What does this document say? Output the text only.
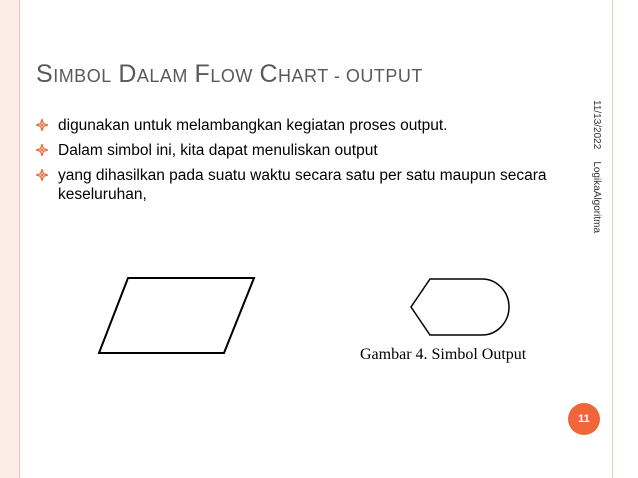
SIMBOL DALAM FLOW CHART - OUTPUT
digunakan untuk melambangkan kegiatan proses output.
Dalam simbol ini, kita dapat menuliskan output
yang dihasilkan pada suatu waktu secara satu per satu maupun secara keseluruhan,
11/13/2022LogikaAlgoritma
Gambar 4. Simbol Output
11
